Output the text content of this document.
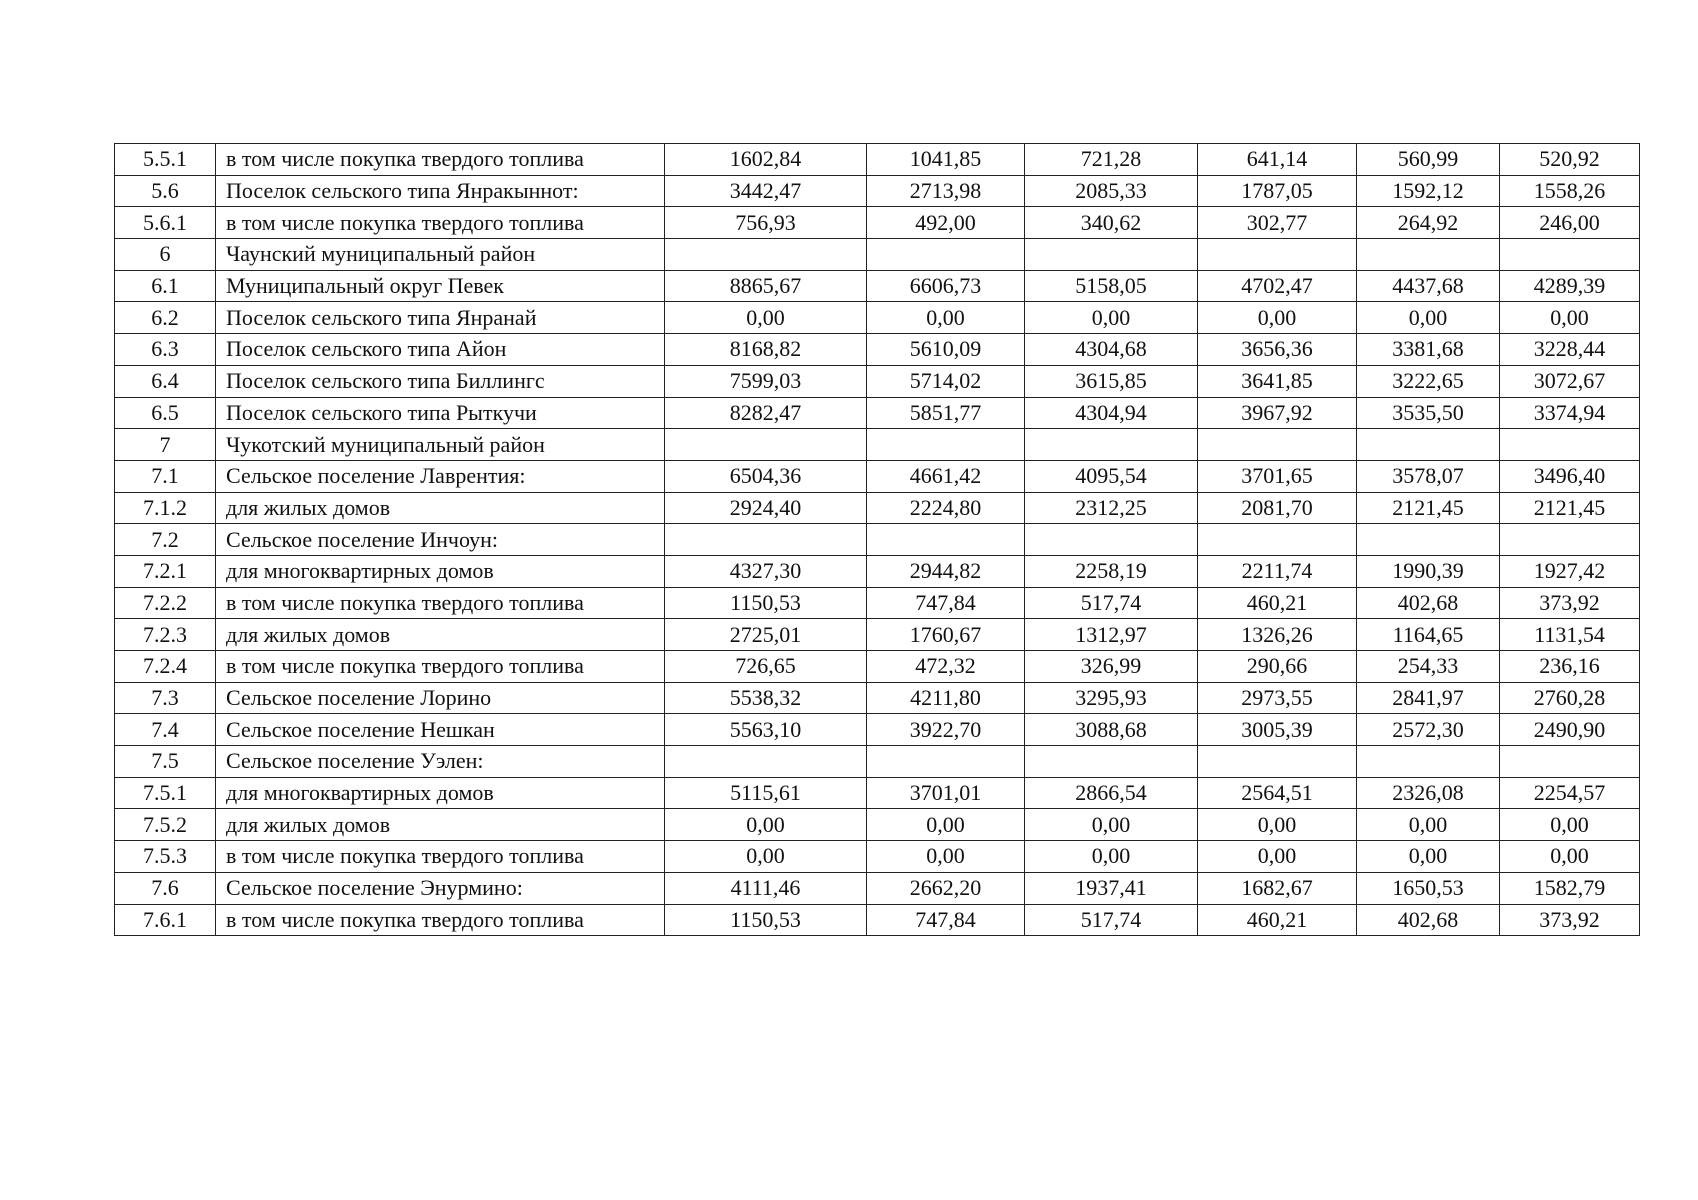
5.5.1	в том числе покупка твердого топлива	1602,84	1041,85	721,28	641,14	560,99	520,92
5.6	Поселок сельского типа Янракыннот:	3442,47	2713,98	2085,33	1787,05	1592,12	1558,26
5.6.1	в том числе покупка твердого топлива	756,93	492,00	340,62	302,77	264,92	246,00
6	Чаунский муниципальный район						
6.1	Муниципальный округ Певек	8865,67	6606,73	5158,05	4702,47	4437,68	4289,39
6.2	Поселок сельского типа Янранай	0,00	0,00	0,00	0,00	0,00	0,00
6.3	Поселок сельского типа Айон	8168,82	5610,09	4304,68	3656,36	3381,68	3228,44
6.4	Поселок сельского типа Биллингс	7599,03	5714,02	3615,85	3641,85	3222,65	3072,67
6.5	Поселок сельского типа Рыткучи	8282,47	5851,77	4304,94	3967,92	3535,50	3374,94
7	Чукотский муниципальный район						
7.1	Сельское поселение Лаврентия:	6504,36	4661,42	4095,54	3701,65	3578,07	3496,40
7.1.2	для жилых домов	2924,40	2224,80	2312,25	2081,70	2121,45	2121,45
7.2	Сельское поселение Инчоун:						
7.2.1	для многоквартирных домов	4327,30	2944,82	2258,19	2211,74	1990,39	1927,42
7.2.2	в том числе покупка твердого топлива	1150,53	747,84	517,74	460,21	402,68	373,92
7.2.3	для жилых домов	2725,01	1760,67	1312,97	1326,26	1164,65	1131,54
7.2.4	в том числе покупка твердого топлива	726,65	472,32	326,99	290,66	254,33	236,16
7.3	Сельское поселение Лорино	5538,32	4211,80	3295,93	2973,55	2841,97	2760,28
7.4	Сельское поселение Нешкан	5563,10	3922,70	3088,68	3005,39	2572,30	2490,90
7.5	Сельское поселение Уэлен:						
7.5.1	для многоквартирных домов	5115,61	3701,01	2866,54	2564,51	2326,08	2254,57
7.5.2	для жилых домов	0,00	0,00	0,00	0,00	0,00	0,00
7.5.3	в том числе покупка твердого топлива	0,00	0,00	0,00	0,00	0,00	0,00
7.6	Сельское поселение Энурмино:	4111,46	2662,20	1937,41	1682,67	1650,53	1582,79
7.6.1	в том числе покупка твердого топлива	1150,53	747,84	517,74	460,21	402,68	373,92
